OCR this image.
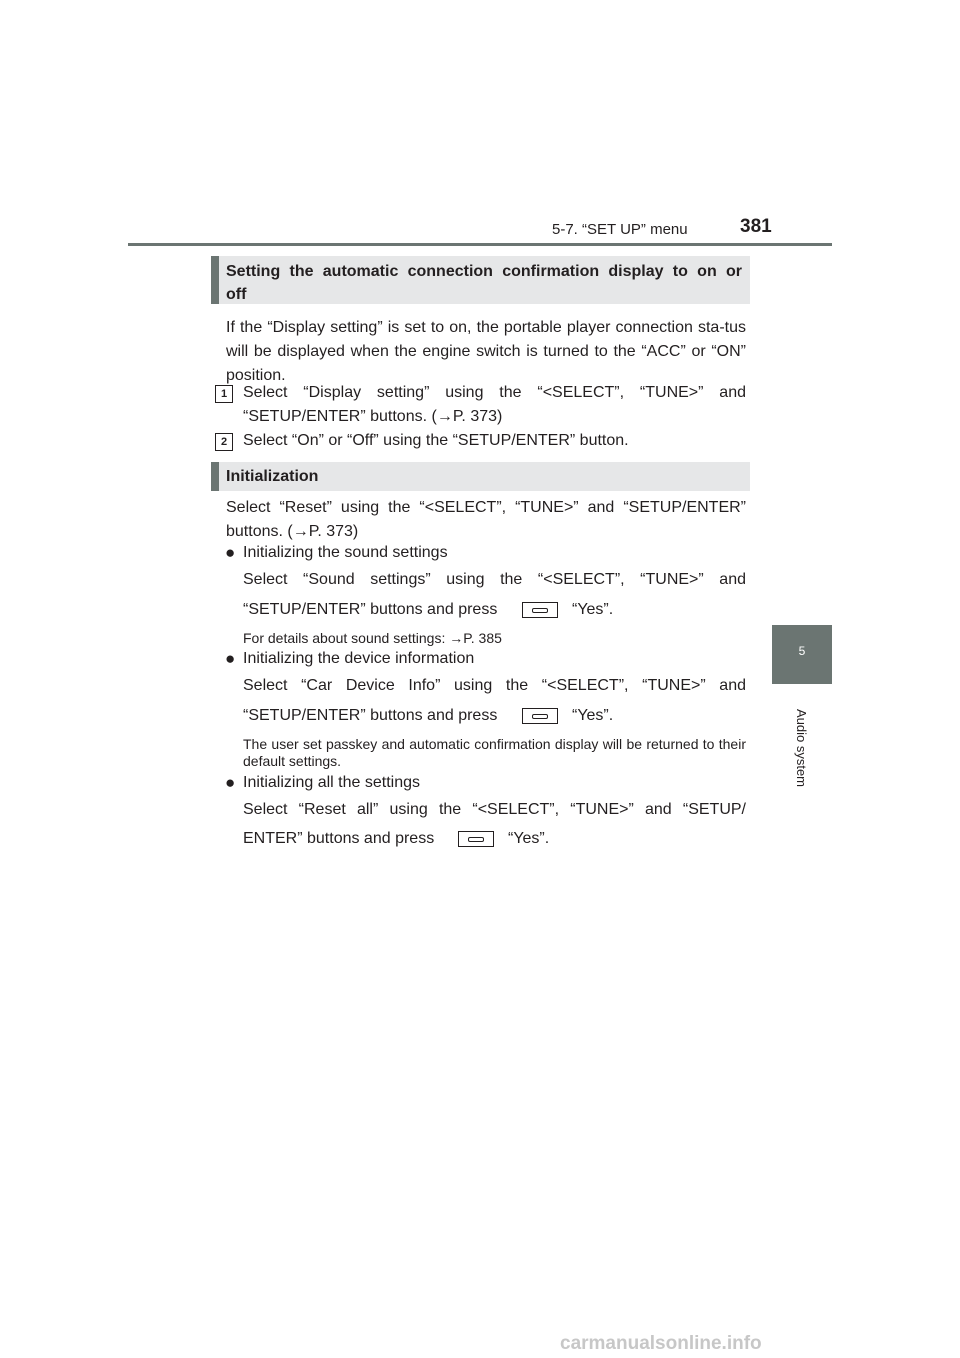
5-7. “SET UP” menu	381
5
Audio system
Setting the automatic connection confirmation display to on or off
If the “Display setting” is set to on, the portable player connection sta-tus will be displayed when the engine switch is turned to the “ACC” or “ON” position.
1 Select “Display setting” using the “<SELECT”, “TUNE>” and
“SETUP/ENTER” buttons. (→P. 373)
2 Select “On” or “Off” using the “SETUP/ENTER” button.
Initialization
Select “Reset” using the “<SELECT”, “TUNE>” and “SETUP/ENTER”
buttons. (→P. 373)
● Initializing the sound settings
Select “Sound settings” using the “<SELECT”, “TUNE>” and
“SETUP/ENTER” buttons and press	“Yes”.
For details about sound settings: →P. 385
● Initializing the device information
Select “Car Device Info” using the “<SELECT”, “TUNE>” and
“SETUP/ENTER” buttons and press	“Yes”.
The user set passkey and automatic confirmation display will be returned to their default settings.
● Initializing all the settings
Select “Reset all” using the “<SELECT”, “TUNE>” and “SETUP/
ENTER” buttons and press	“Yes”.
carmanualsonline.info
